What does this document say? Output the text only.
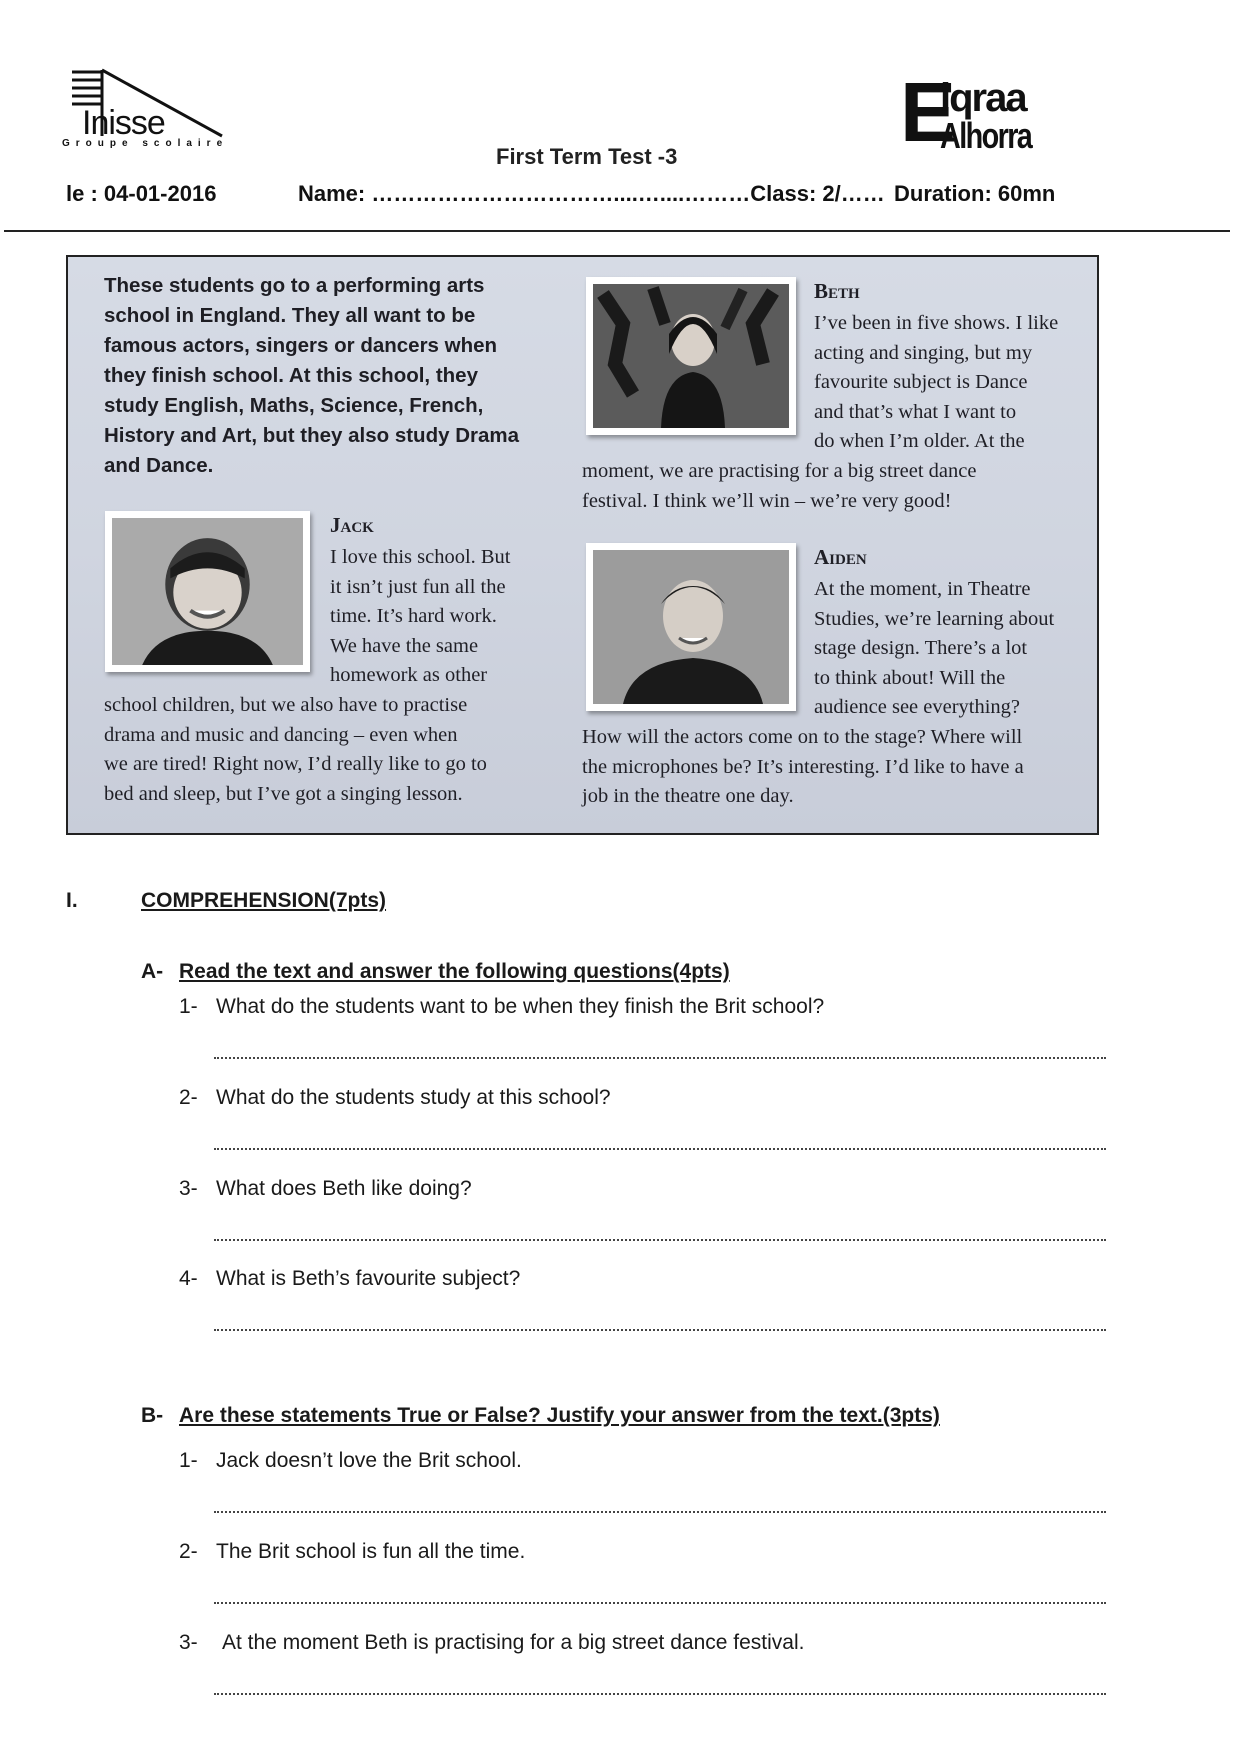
Inisse
Groupe scolaire	E
lqraa
Alhorra
First Term Test -3
le : 04-01-2016	Name: ……………………………....…....………Class: 2/…… Duration: 60mn
These students go to a performing arts school in England. They all want to be famous actors, singers or dancers when they finish school. At this school, they study English, Maths, Science, French, History and Art, but they also study Drama and Dance.
Jack
I love this school. But
it isn’t just fun all the
time. It’s hard work.
We have the same
homework as other
school children, but we also have to practise
drama and music and dancing – even when
we are tired! Right now, I’d really like to go to
bed and sleep, but I’ve got a singing lesson.
Beth
I’ve been in five shows. I like
acting and singing, but my
favourite subject is Dance
and that’s what I want to
do when I’m older. At the
moment, we are practising for a big street dance
festival. I think we’ll win – we’re very good!
Aiden
At the moment, in Theatre
Studies, we’re learning about
stage design. There’s a lot
to think about! Will the
audience see everything?
How will the actors come on to the stage? Where will
the microphones be? It’s interesting. I’d like to have a
job in the theatre one day.
I.	COMPREHENSION(7pts)
A- Read the text and answer the following questions(4pts)
1- What do the students want to be when they finish the Brit school?
2- What do the students study at this school?
3- What does Beth like doing?
4- What is Beth’s favourite subject?
B- Are these statements True or False? Justify your answer from the text.(3pts)
1- Jack doesn’t love the Brit school.
2- The Brit school is fun all the time.
3- At the moment Beth is practising for a big street dance festival.
